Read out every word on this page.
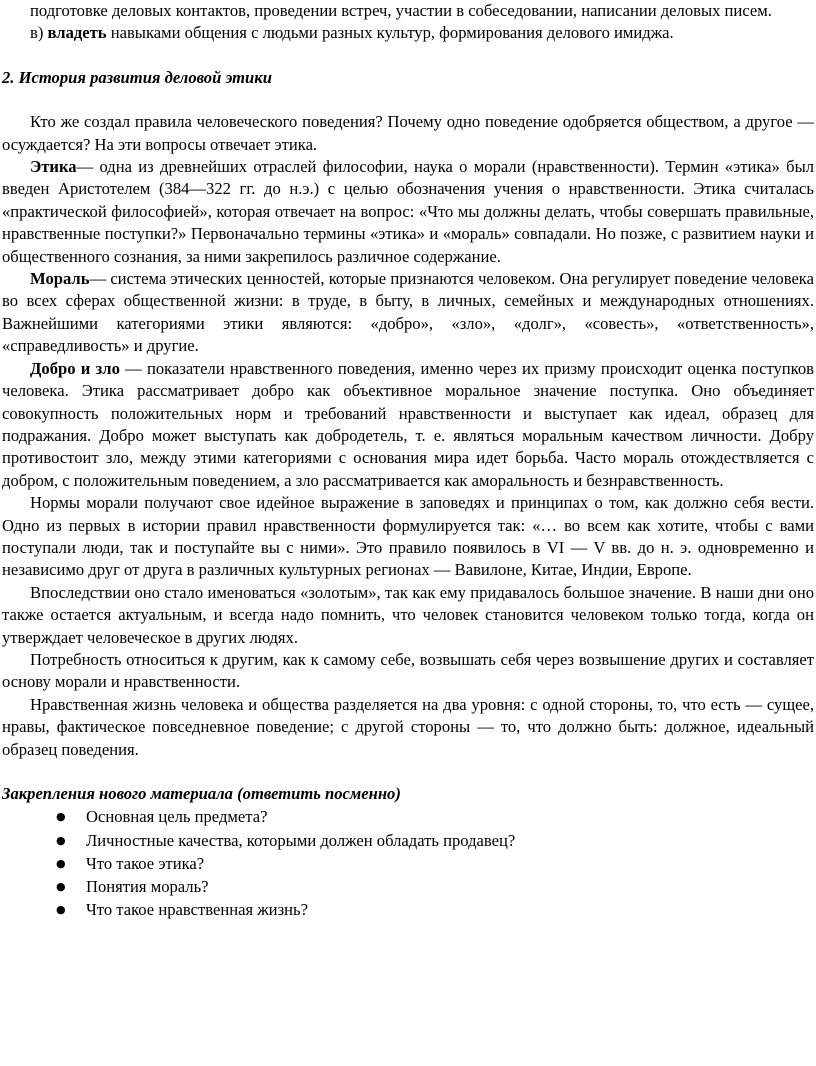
подготовке деловых контактов, проведении встреч, участии в собеседовании, написании деловых писем.

в) владеть навыками общения с людьми разных культур, формирования делового имиджа.

2. История развития деловой этики

Кто же создал правила человеческого поведения? Почему одно поведение одобряется обществом, а другое — осуждается? На эти вопросы отвечает этика.

Этика— одна из древнейших отраслей философии, наука о морали (нравственности). Термин «этика» был введен Аристотелем (384—322 гг. до н.э.) с целью обозначения учения о нравственности. Этика считалась «практической философией», которая отвечает на вопрос: «Что мы должны делать, чтобы совершать правильные, нравственные поступки?» Первоначально термины «этика» и «мораль» совпадали. Но позже, с развитием науки и общественного сознания, за ними закрепилось различное содержание.

Мораль— система этических ценностей, которые признаются человеком. Она регулирует поведение человека во всех сферах общественной жизни: в труде, в быту, в личных, семейных и международных отношениях. Важнейшими категориями этики являются: «добро», «зло», «долг», «совесть», «ответственность», «справедливость» и другие.

Добро и зло — показатели нравственного поведения, именно через их призму происходит оценка поступков человека. Этика рассматривает добро как объективное моральное значение поступка. Оно объединяет совокупность положительных норм и требований нравственности и выступает как идеал, образец для подражания. Добро может выступать как добродетель, т. е. являться моральным качеством личности. Добру противостоит зло, между этими категориями с основания мира идет борьба. Часто мораль отождествляется с добром, с положительным поведением, а зло рассматривается как аморальность и безнравственность.

Нормы морали получают свое идейное выражение в заповедях и принципах о том, как должно себя вести. Одно из первых в истории правил нравственности формулируется так: «… во всем как хотите, чтобы с вами поступали люди, так и поступайте вы с ними». Это правило появилось в VI — V вв. до н. э. одновременно и независимо друг от друга в различных культурных регионах — Вавилоне, Китае, Индии, Европе.

Впоследствии оно стало именоваться «золотым», так как ему придавалось большое значение. В наши дни оно также остается актуальным, и всегда надо помнить, что человек становится человеком только тогда, когда он утверждает человеческое в других людях.

Потребность относиться к другим, как к самому себе, возвышать себя через возвышение других и составляет основу морали и нравственности.

Нравственная жизнь человека и общества разделяется на два уровня: с одной стороны, то, что есть — сущее, нравы, фактическое повседневное поведение; с другой стороны — то, что должно быть: должное, идеальный образец поведения.

Закрепления нового материала (ответить посменно)
● Основная цель предмета?
● Личностные качества, которыми должен обладать продавец?
● Что такое этика?
● Понятия мораль?
● Что такое нравственная жизнь?
